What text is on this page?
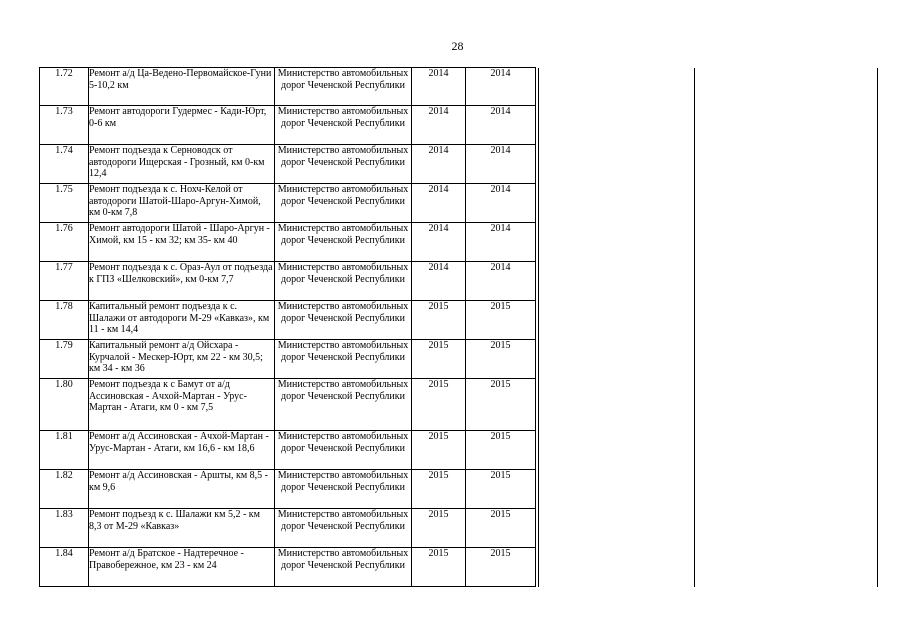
28
1.72	Ремонт а/д Ца-Ведено-Первомайское-Гуни 5-10,2 км	Министерство автомобильных дорог Чеченской Республики	2014	2014			
1.73	Ремонт автодороги Гудермес - Кади-Юрт, 0-6 км	Министерство автомобильных дорог Чеченской Республики	2014	2014			
1.74	Ремонт подъезда к Серноводск от автодороги Ищерская - Грозный, км 0-км 12,4	Министерство автомобильных дорог Чеченской Республики	2014	2014			
1.75	Ремонт подъезда к с. Нохч-Келой от автодороги Шатой-Шаро-Аргун-Химой, км 0-км 7,8	Министерство автомобильных дорог Чеченской Республики	2014	2014			
1.76	Ремонт автодороги Шатой - Шаро-Аргун - Химой, км 15 - км 32; км 35- км 40	Министерство автомобильных дорог Чеченской Республики	2014	2014			
1.77	Ремонт подъезда к с. Ораз-Аул от подъезда к ГПЗ «Шелковский», км 0-км 7,7	Министерство автомобильных дорог Чеченской Республики	2014	2014			
1.78	Капитальный ремонт подъезда к с. Шалажи от автодороги М-29 «Кавказ», км 11 - км 14,4	Министерство автомобильных дорог Чеченской Республики	2015	2015			
1.79	Капитальный ремонт а/д Ойсхара - Курчалой - Мескер-Юрт, км 22 - км 30,5; км 34 - км 36	Министерство автомобильных дорог Чеченской Республики	2015	2015			
1.80	Ремонт подъезда к с Бамут от а/д Ассиновская - Ачхой-Мартан - Урус-Мартан - Атаги, км 0 - км 7,5	Министерство автомобильных дорог Чеченской Республики	2015	2015			
1.81	Ремонт а/д Ассиновская - Ачхой-Мартан - Урус-Мартан - Атаги, км 16,6 - км 18,6	Министерство автомобильных дорог Чеченской Республики	2015	2015			
1.82	Ремонт а/д Ассиновская - Аршты, км 8,5 - км 9,6	Министерство автомобильных дорог Чеченской Республики	2015	2015			
1.83	Ремонт подъезд к с. Шалажи км 5,2 - км 8,3 от М-29 «Кавказ»	Министерство автомобильных дорог Чеченской Республики	2015	2015			
1.84	Ремонт а/д Братское - Надтеречное - Правобережное, км 23 - км 24	Министерство автомобильных дорог Чеченской Республики	2015	2015			
